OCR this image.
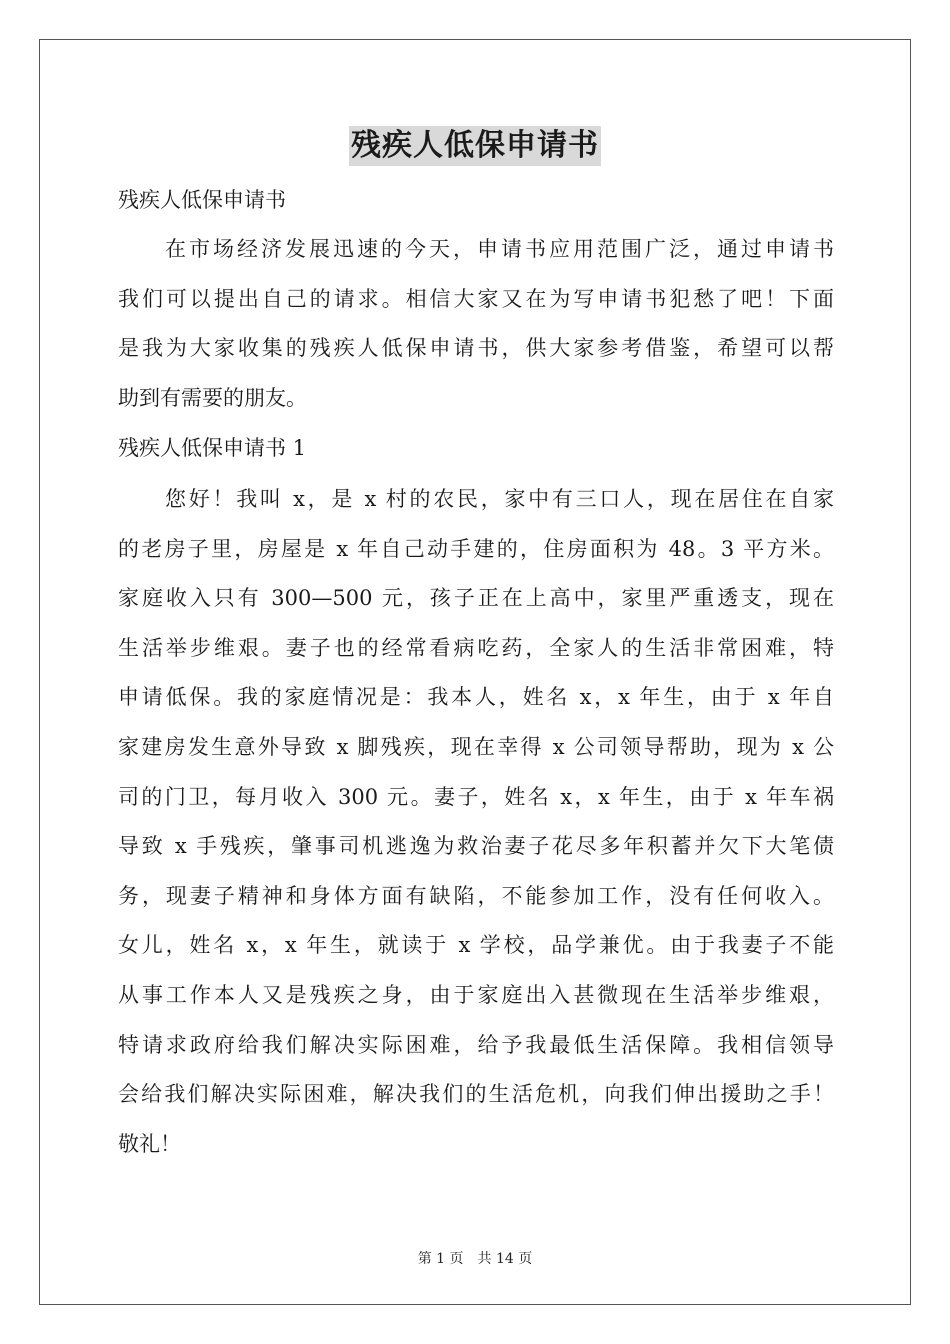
残疾人低保申请书
残疾人低保申请书
在市场经济发展迅速的今天，申请书应用范围广泛，通过申请书
我们可以提出自己的请求。相信大家又在为写申请书犯愁了吧！下面
是我为大家收集的残疾人低保申请书，供大家参考借鉴，希望可以帮
助到有需要的朋友。
残疾人低保申请书 1
您好！我叫 x，是 x 村的农民，家中有三口人，现在居住在自家
的老房子里，房屋是 x 年自己动手建的，住房面积为 48。3 平方米。
家庭收入只有 300—500 元，孩子正在上高中，家里严重透支，现在
生活举步维艰。妻子也的经常看病吃药，全家人的生活非常困难，特
申请低保。我的家庭情况是：我本人，姓名 x，x 年生，由于 x 年自
家建房发生意外导致 x 脚残疾，现在幸得 x 公司领导帮助，现为 x 公
司的门卫，每月收入 300 元。妻子，姓名 x，x 年生，由于 x 年车祸
导致 x 手残疾，肇事司机逃逸为救治妻子花尽多年积蓄并欠下大笔债
务，现妻子精神和身体方面有缺陷，不能参加工作，没有任何收入。
女儿，姓名 x，x 年生，就读于 x 学校，品学兼优。由于我妻子不能
从事工作本人又是残疾之身，由于家庭出入甚微现在生活举步维艰，
特请求政府给我们解决实际困难，给予我最低生活保障。我相信领导
会给我们解决实际困难，解决我们的生活危机，向我们伸出援助之手！
敬礼！
第 1 页　共 14 页
